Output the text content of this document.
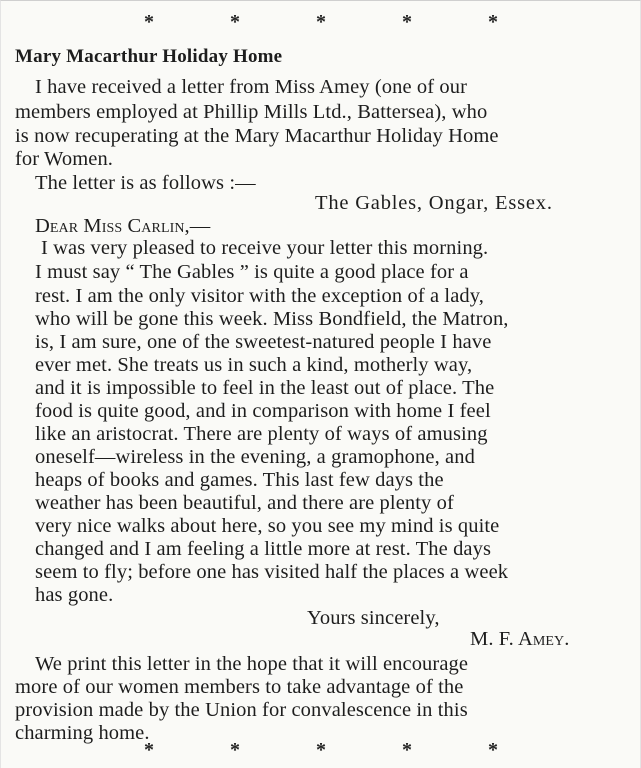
*	*	*	*	*
Mary Macarthur Holiday Home
I have received a letter from Miss Amey (one of our
members employed at Phillip Mills Ltd., Battersea), who
is now recuperating at the Mary Macarthur Holiday Home
for Women.
The letter is as follows :—
The Gables, Ongar, Essex.
Dear Miss Carlin,—
I was very pleased to receive your letter this morning.
I must say “ The Gables ” is quite a good place for a
rest. I am the only visitor with the exception of a lady,
who will be gone this week. Miss Bondfield, the Matron,
is, I am sure, one of the sweetest-natured people I have
ever met. She treats us in such a kind, motherly way,
and it is impossible to feel in the least out of place. The
food is quite good, and in comparison with home I feel
like an aristocrat. There are plenty of ways of amusing
oneself—wireless in the evening, a gramophone, and
heaps of books and games. This last few days the
weather has been beautiful, and there are plenty of
very nice walks about here, so you see my mind is quite
changed and I am feeling a little more at rest. The days
seem to fly; before one has visited half the places a week
has gone.
Yours sincerely,
M. F. Amey.
We print this letter in the hope that it will encourage
more of our women members to take advantage of the
provision made by the Union for convalescence in this
charming home.
*	*	*	*	*
